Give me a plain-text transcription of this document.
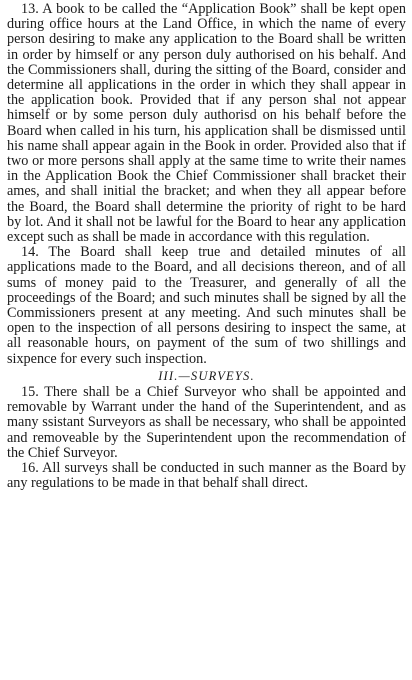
13. A book to be called the “Application Book” shall be kept open during office hours at the Land Office, in which the name of every person desiring to make any application to the Board shall be written in order by himself or any person duly authorised on his behalf. And the Commissioners shall, during the sitting of the Board, consider and determine all applications in the order in which they shall appear in the application book. Provided that if any person shal not appear himself or by some person duly authorisd on his behalf before the Board when called in his turn, his application shall be dismissed until his name shall appear again in the Book in order. Provided also that if two or more persons shall apply at the same time to write their names in the Application Book the Chief Commissioner shall bracket their ames, and shall initial the bracket; and when they all appear before the Board, the Board shall determine the priority of right to be hard by lot. And it shall not be lawful for the Board to hear any application except such as shall be made in accordance with this regulation.

14. The Board shall keep true and detailed minutes of all applications made to the Board, and all decisions thereon, and of all sums of money paid to the Treasurer, and generally of all the proceedings of the Board; and such minutes shall be signed by all the Commissioners present at any meeting. And such minutes shall be open to the inspection of all persons desiring to inspect the same, at all reasonable hours, on payment of the sum of two shillings and sixpence for every such inspection.

III.—SURVEYS.

15. There shall be a Chief Surveyor who shall be appointed and removable by Warrant under the hand of the Superintendent, and as many ssistant Surveyors as shall be necessary, who shall be appointed and removeable by the Superintendent upon the recommendation of the Chief Surveyor.

16. All surveys shall be conducted in such manner as the Board by any regulations to be made in that behalf shall direct.
